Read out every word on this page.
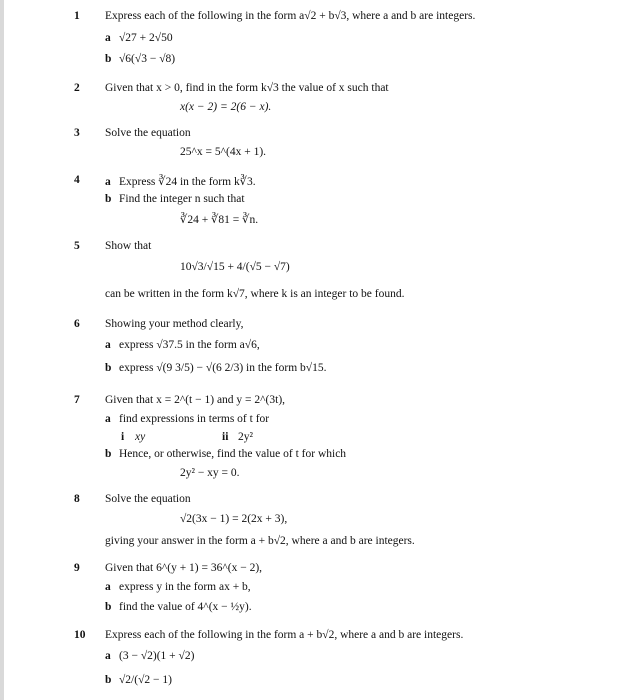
1 Express each of the following in the form a√2 + b√3, where a and b are integers.
a √27 + 2√50
b √6(√3 − √8)
2 Given that x > 0, find in the form k√3 the value of x such that
x(x − 2) = 2(6 − x).
3 Solve the equation
25^x = 5^(4x + 1).
4 a Express ∛24 in the form k∛3.
b Find the integer n such that
∛24 + ∛81 = ∛n.
5 Show that
10√3/√15 + 4/(√5 − √7)
can be written in the form k√7, where k is an integer to be found.
6 Showing your method clearly,
a express √37.5 in the form a√6,
b express √(9 3/5) − √(6 2/3) in the form b√15.
7 Given that x = 2^(t − 1) and y = 2^(3t),
a find expressions in terms of t for
i xy	ii 2y²
b Hence, or otherwise, find the value of t for which
2y² − xy = 0.
8 Solve the equation
√2(3x − 1) = 2(2x + 3),
giving your answer in the form a + b√2, where a and b are integers.
9 Given that 6^(y + 1) = 36^(x − 2),
a express y in the form ax + b,
b find the value of 4^(x − ½y).
10 Express each of the following in the form a + b√2, where a and b are integers.
a (3 − √2)(1 + √2)
b √2/(√2 − 1)
